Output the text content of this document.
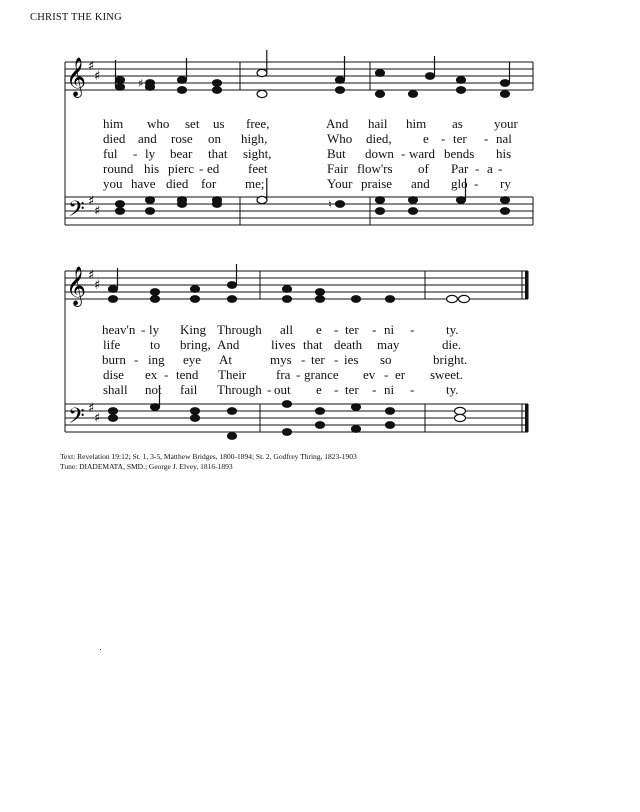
CHRIST THE KING
𝄞
𝄢
♯
♯
♯
♯
♯
♮
him who set us free,	And hail him as your
died and rose on high,	Who died, e - ter - nal
ful - ly bear that sight,	But down - ward bends his
round his pierc - ed feet	Fair flow'rs of Par - a -
you have died for me;	Your praise and glo - ry
𝄞
𝄢
♯
♯
♯
♯
heav'n - ly King Through all e - ter - ni - ty.
life to bring, And lives that death may	die.
burn - ing eye At	mys - ter - ies so	bright.
dise ex - tend Their fra - grance ev - er sweet.
shall not fail Through - out e - ter - ni - ty.
Text: Revelation 19:12; St. 1, 3-5, Matthew Bridges, 1800-1894; St. 2, Godfrey Thring, 1823-1903
Tune: DIADEMATA, SMD.; George J. Elvey, 1816-1893
